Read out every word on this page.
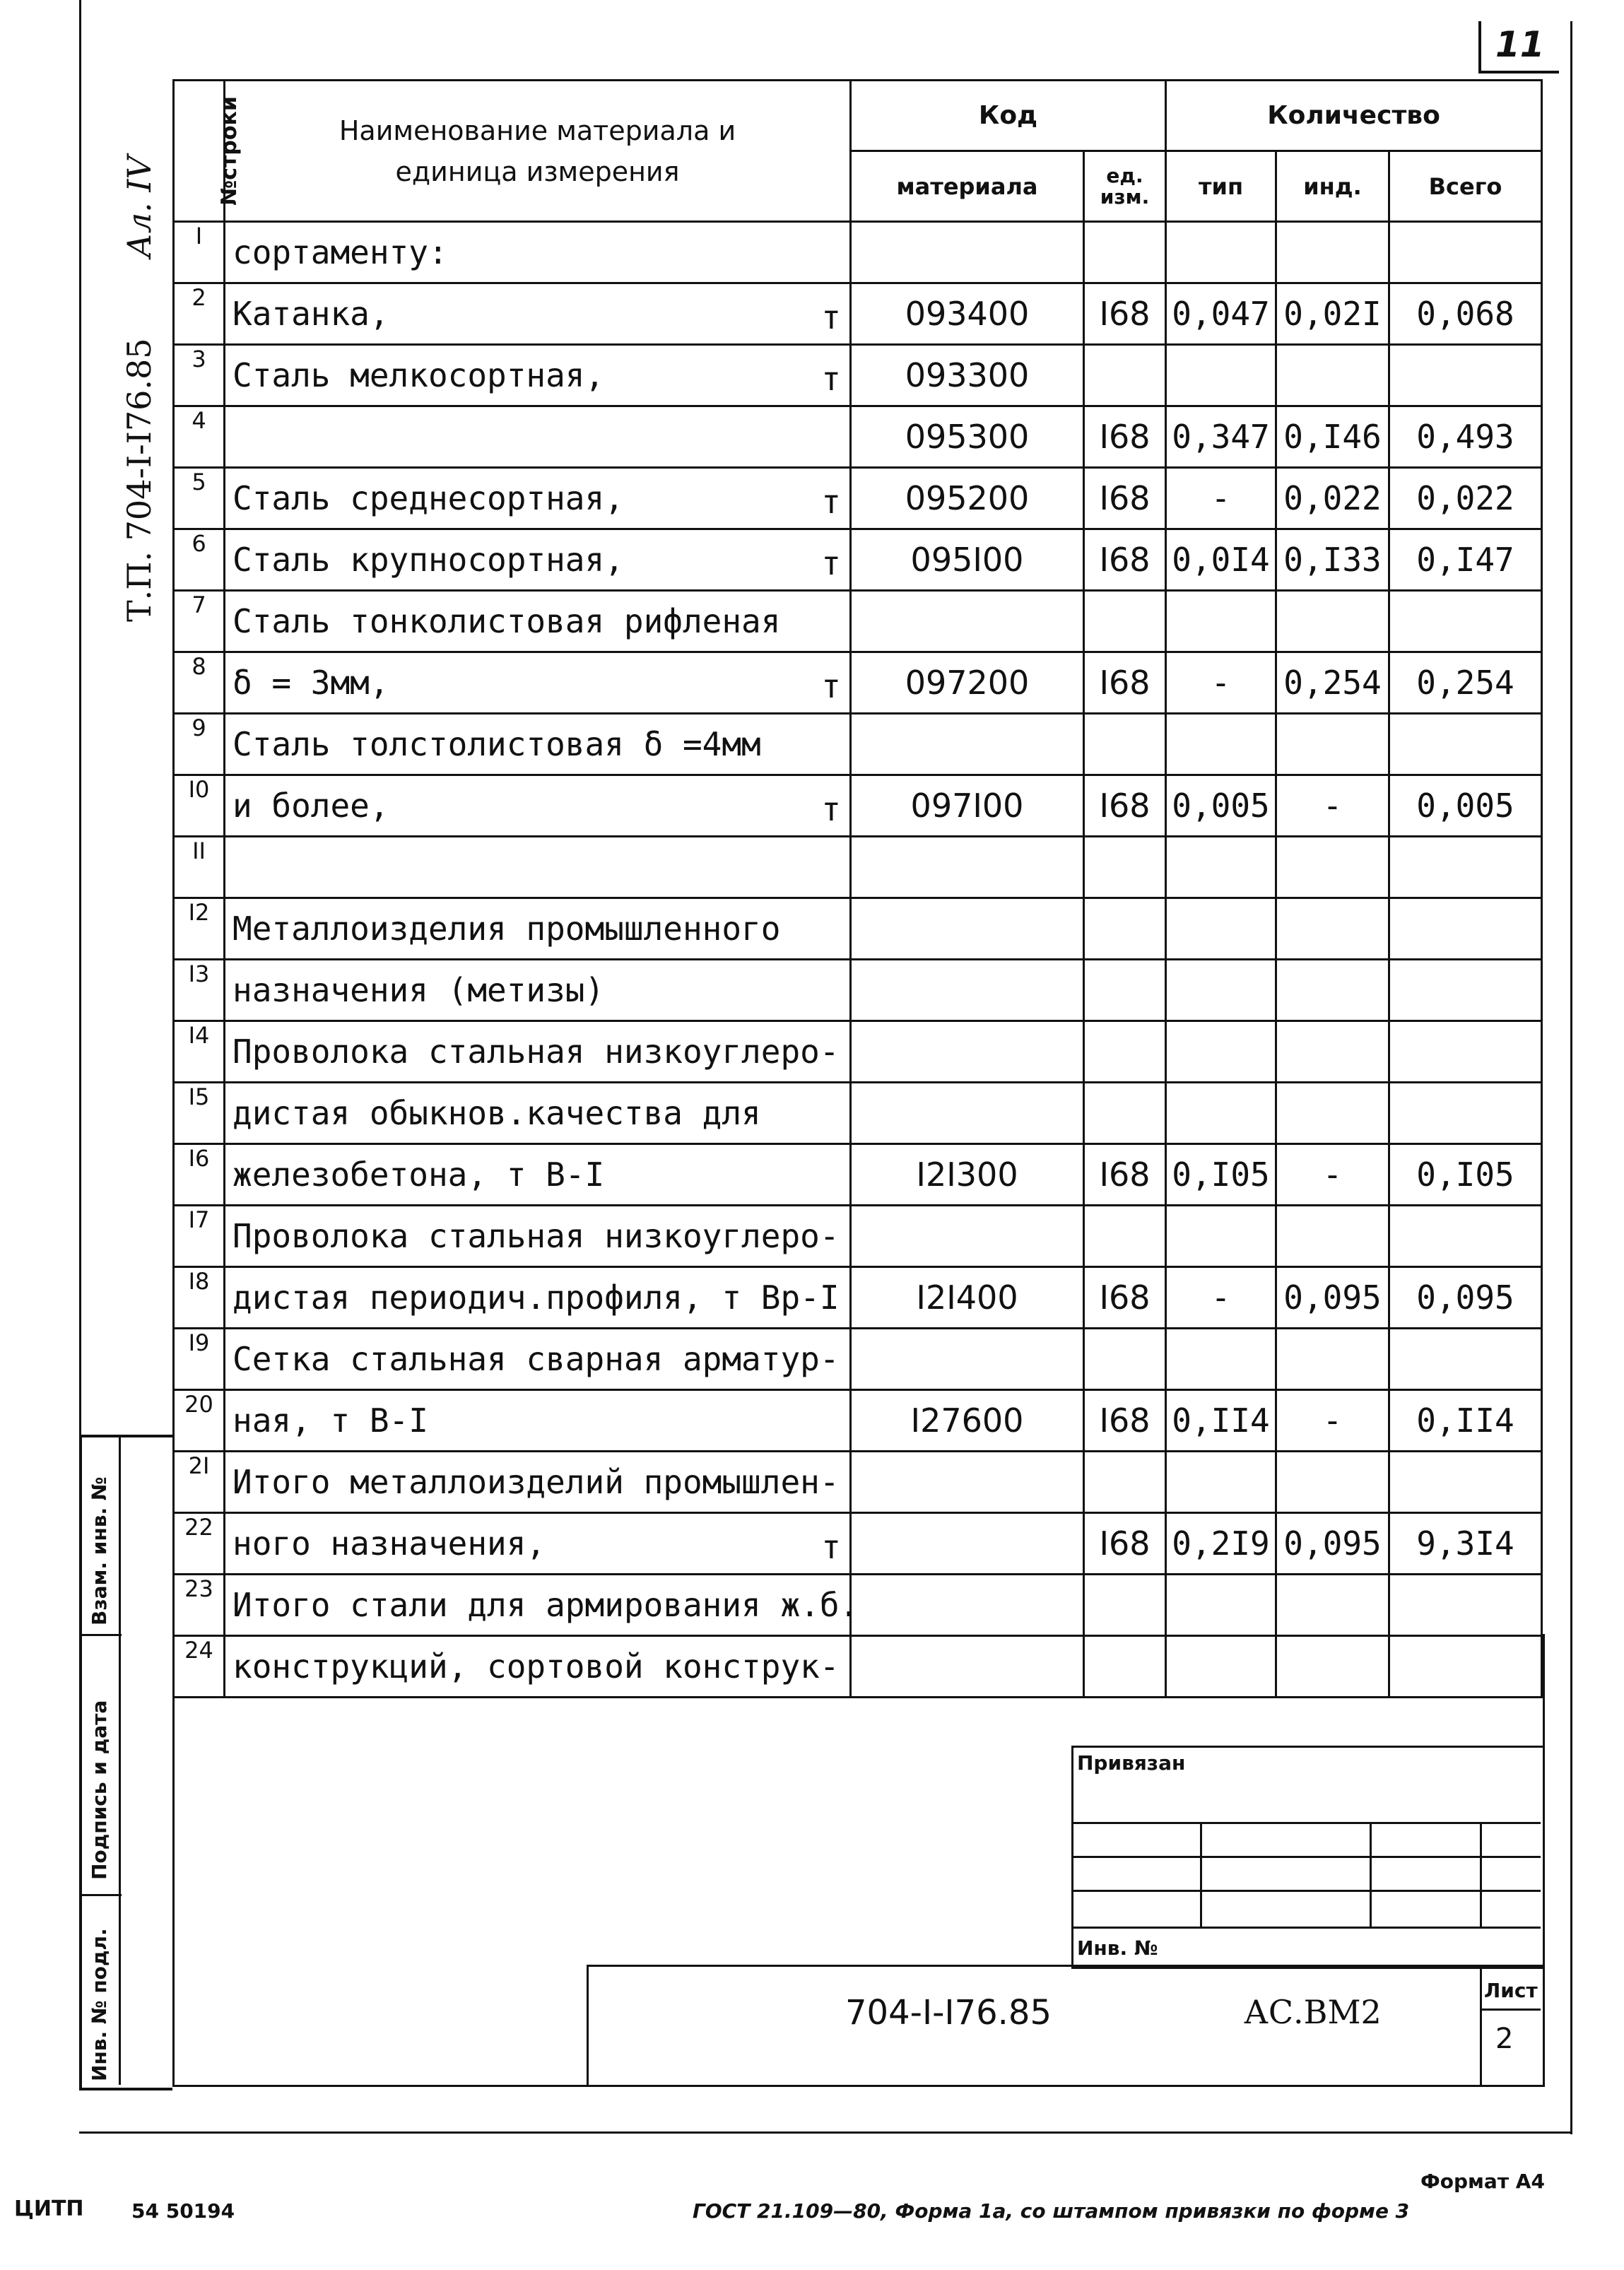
11
Ал. IV
Т.П. 704-I-I76.85
№строки	Наименование материала и единица измерения	Код		Количество		
		материала	ед. изм.	тип	инд.	Всего
I	сортаменту:

2	Катанка, т	093400	I68	0,047	0,02I	0,068
3	Сталь мелкосортная, т	093300				
4		095300	I68	0,347	0,I46	0,493
5	Сталь среднесортная, т	095200	I68	-	0,022	0,022
6	Сталь крупносортная, т	095I00	I68	0,0I4	0,I33	0,I47
7	Сталь тонколистовая рифленая

8	δ = 3мм, т	097200	I68	-	0,254	0,254
9	Сталь толстолистовая δ =4мм

I0	и более, т	097I00	I68	0,005	-	0,005
II	

I2	Металлоизделия промышленного

I3	назначения (метизы)

I4	Проволока стальная низкоуглеро-

I5	дистая обыкнов.качества для

I6	железобетона, т В-I	I2I300	I68	0,I05	-	0,I05
I7	Проволока стальная низкоуглеро-

I8	дистая периодич.профиля, т Вр-I	I2I400	I68	-	0,095	0,095
I9	Сетка стальная сварная арматур-

20	ная, т В-I	I27600	I68	0,II4	-	0,II4
2I	Итого металлоизделий промышлен-

22	ного назначения, т		I68	0,2I9	0,095	9,3I4
23	Итого стали для армирования ж.б.

24	конструкций, сортовой конструк-

Взам. инв. №
Подпись и дата
Инв. № подл.
Привязан
Инв. №
704-I-I76.85	АС.ВМ2
Лист
2
Формат А4
ЦИТП 54 50194	ГОСТ 21.109—80, Форма 1а, со штампом привязки по форме 3
